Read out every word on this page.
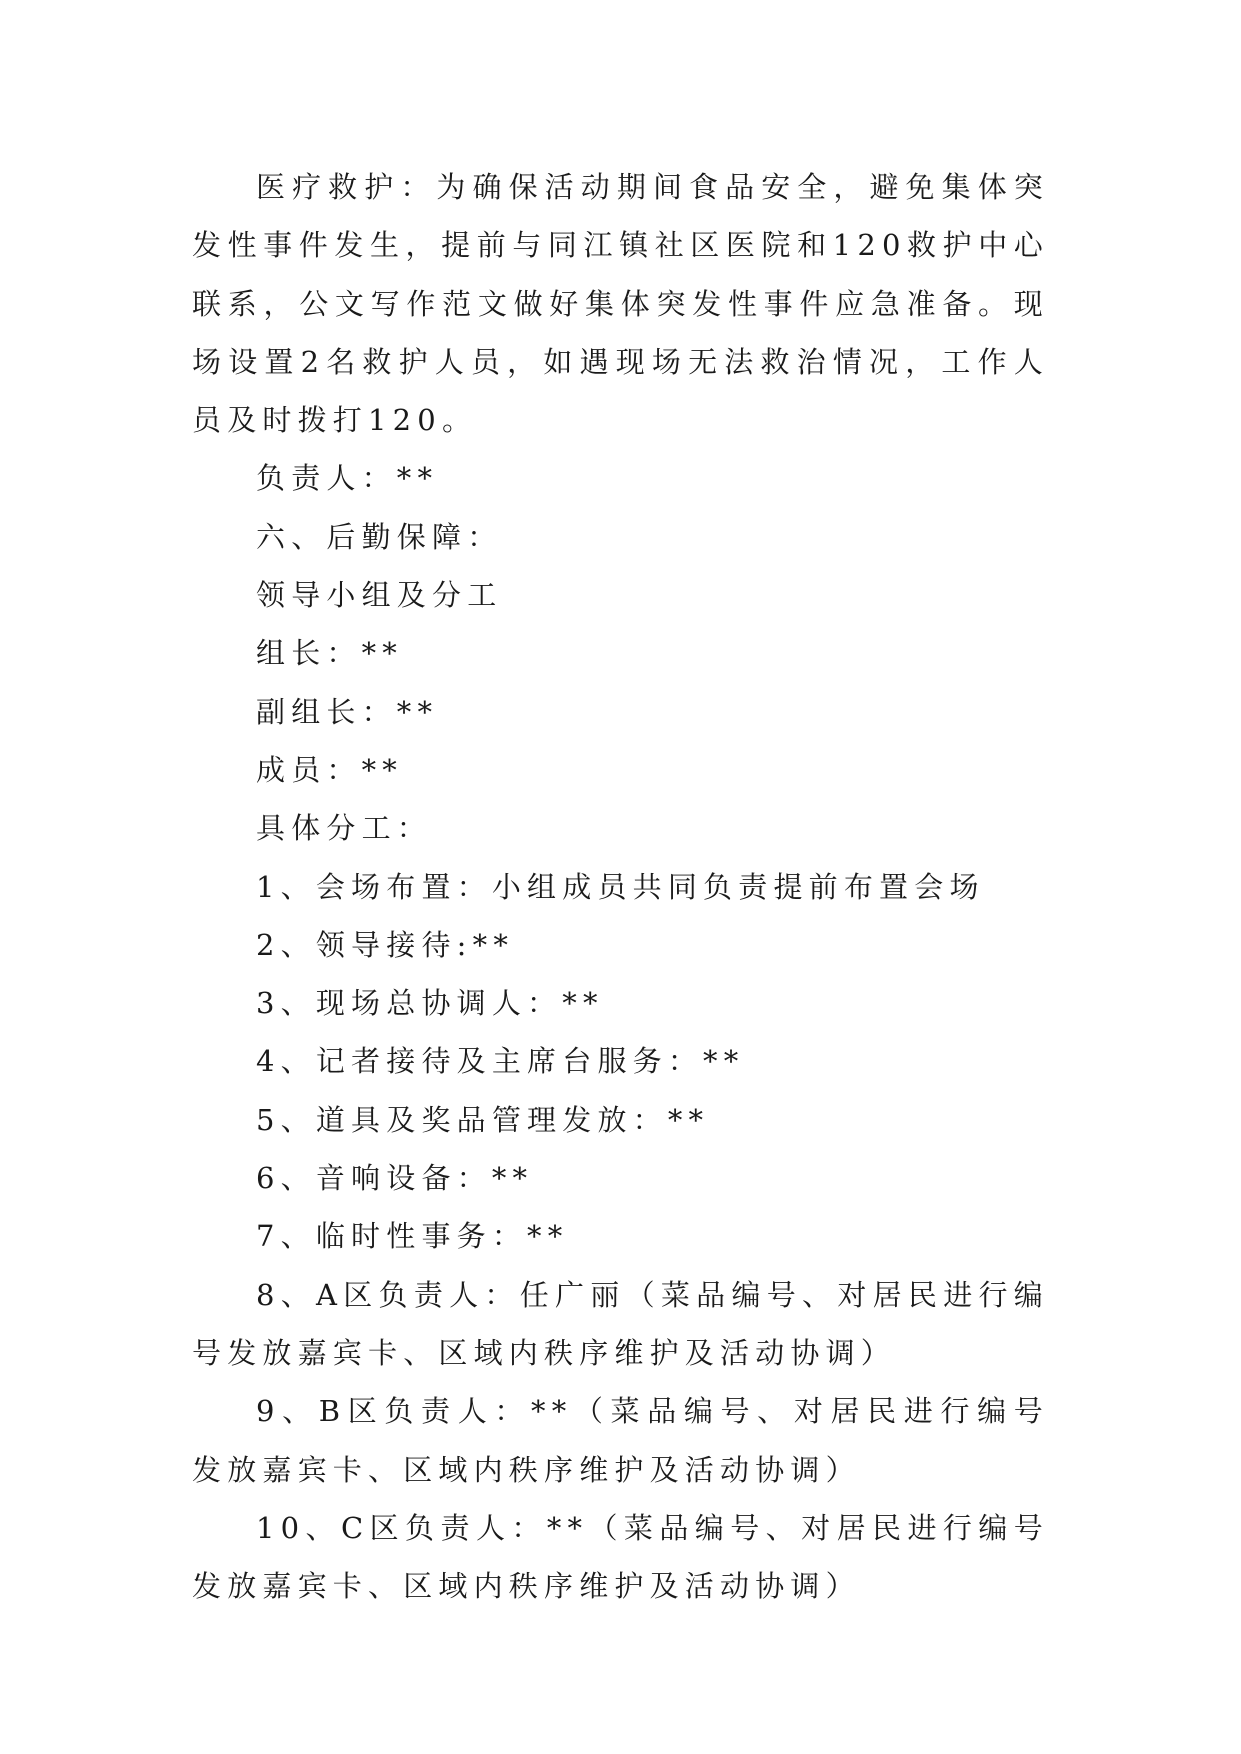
医疗救护：为确保活动期间食品安全，避免集体突发性事件发生，提前与同江镇社区医院和120救护中心联系，公文写作范文做好集体突发性事件应急准备。现场设置2名救护人员，如遇现场无法救治情况，工作人员及时拨打120。

负责人：**

六、后勤保障：

领导小组及分工

组长：**

副组长：**

成员：**

具体分工：

1、会场布置：小组成员共同负责提前布置会场

2、领导接待:**

3、现场总协调人：**

4、记者接待及主席台服务：**

5、道具及奖品管理发放：**

6、音响设备：**

7、临时性事务：**

8、A区负责人：任广丽（菜品编号、对居民进行编号发放嘉宾卡、区域内秩序维护及活动协调）

9、B区负责人：**（菜品编号、对居民进行编号发放嘉宾卡、区域内秩序维护及活动协调）

10、C区负责人：**（菜品编号、对居民进行编号发放嘉宾卡、区域内秩序维护及活动协调）
